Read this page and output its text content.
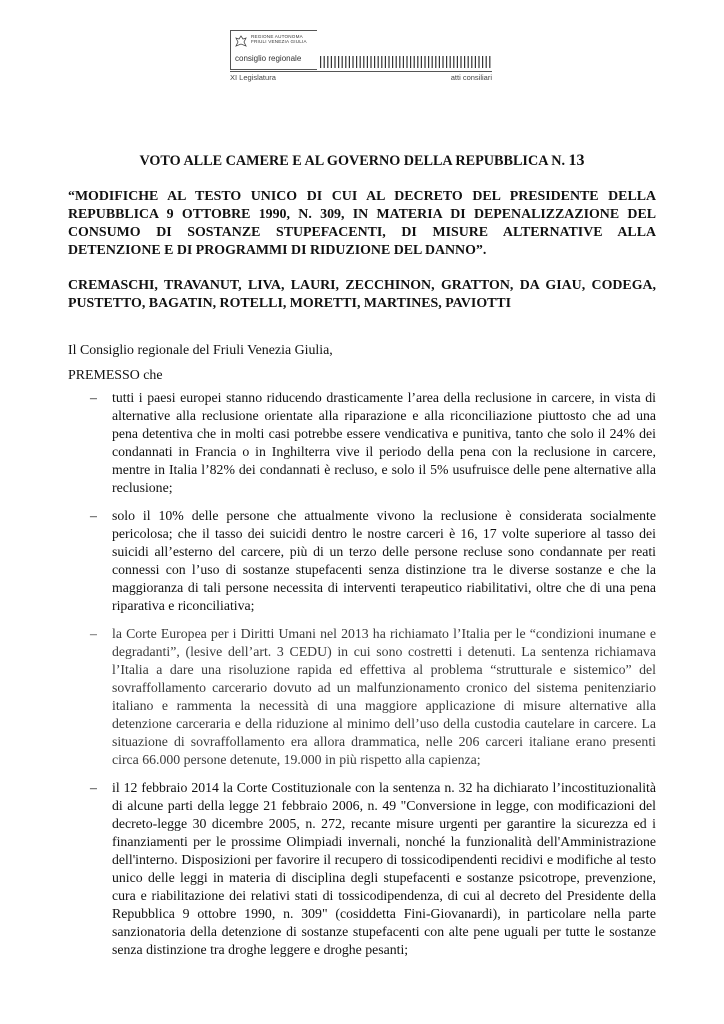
REGIONE AUTONOMA
FRIULI VENEZIA GIULIA
consiglio regionale
XI Legislatura	atti consiliari

VOTO ALLE CAMERE E AL GOVERNO DELLA REPUBBLICA N. 13

“MODIFICHE AL TESTO UNICO DI CUI AL DECRETO DEL PRESIDENTE DELLA REPUBBLICA 9 OTTOBRE 1990, N. 309, IN MATERIA DI DEPENALIZZAZIONE DEL CONSUMO DI SOSTANZE STUPEFACENTI, DI MISURE ALTERNATIVE ALLA DETENZIONE E DI PROGRAMMI DI RIDUZIONE DEL DANNO”.

CREMASCHI, TRAVANUT, LIVA, LAURI, ZECCHINON, GRATTON, DA GIAU, CODEGA, PUSTETTO, BAGATIN, ROTELLI, MORETTI, MARTINES, PAVIOTTI

Il Consiglio regionale del Friuli Venezia Giulia,

PREMESSO che

– tutti i paesi europei stanno riducendo drasticamente l’area della reclusione in carcere, in vista di alternative alla reclusione orientate alla riparazione e alla riconciliazione piuttosto che ad una pena detentiva che in molti casi potrebbe essere vendicativa e punitiva, tanto che solo il 24% dei condannati in Francia o in Inghilterra vive il periodo della pena con la reclusione in carcere, mentre in Italia l’82% dei condannati è recluso, e solo il 5% usufruisce delle pene alternative alla reclusione;
– solo il 10% delle persone che attualmente vivono la reclusione è considerata socialmente pericolosa; che il tasso dei suicidi dentro le nostre carceri è 16, 17 volte superiore al tasso dei suicidi all’esterno del carcere, più di un terzo delle persone recluse sono condannate per reati connessi con l’uso di sostanze stupefacenti senza distinzione tra le diverse sostanze e che la maggioranza di tali persone necessita di interventi terapeutico riabilitativi, oltre che di una pena riparativa e riconciliativa;
– la Corte Europea per i Diritti Umani nel 2013 ha richiamato l’Italia per le “condizioni inumane e degradanti”, (lesive dell’art. 3 CEDU) in cui sono costretti i detenuti. La sentenza richiamava l’Italia a dare una risoluzione rapida ed effettiva al problema “strutturale e sistemico” del sovraffollamento carcerario dovuto ad un malfunzionamento cronico del sistema penitenziario italiano e rammenta la necessità di una maggiore applicazione di misure alternative alla detenzione carceraria e della riduzione al minimo dell’uso della custodia cautelare in carcere. La situazione di sovraffollamento era allora drammatica, nelle 206 carceri italiane erano presenti circa 66.000 persone detenute, 19.000 in più rispetto alla capienza;
– il 12 febbraio 2014 la Corte Costituzionale con la sentenza n. 32 ha dichiarato l’incostituzionalità di alcune parti della legge 21 febbraio 2006, n. 49 "Conversione in legge, con modificazioni del decreto-legge 30 dicembre 2005, n. 272, recante misure urgenti per garantire la sicurezza ed i finanziamenti per le prossime Olimpiadi invernali, nonché la funzionalità dell'Amministrazione dell'interno. Disposizioni per favorire il recupero di tossicodipendenti recidivi e modifiche al testo unico delle leggi in materia di disciplina degli stupefacenti e sostanze psicotrope, prevenzione, cura e riabilitazione dei relativi stati di tossicodipendenza, di cui al decreto del Presidente della Repubblica 9 ottobre 1990, n. 309" (cosiddetta Fini-Giovanardi), in particolare nella parte sanzionatoria della detenzione di sostanze stupefacenti con alte pene uguali per tutte le sostanze senza distinzione tra droghe leggere e droghe pesanti;
